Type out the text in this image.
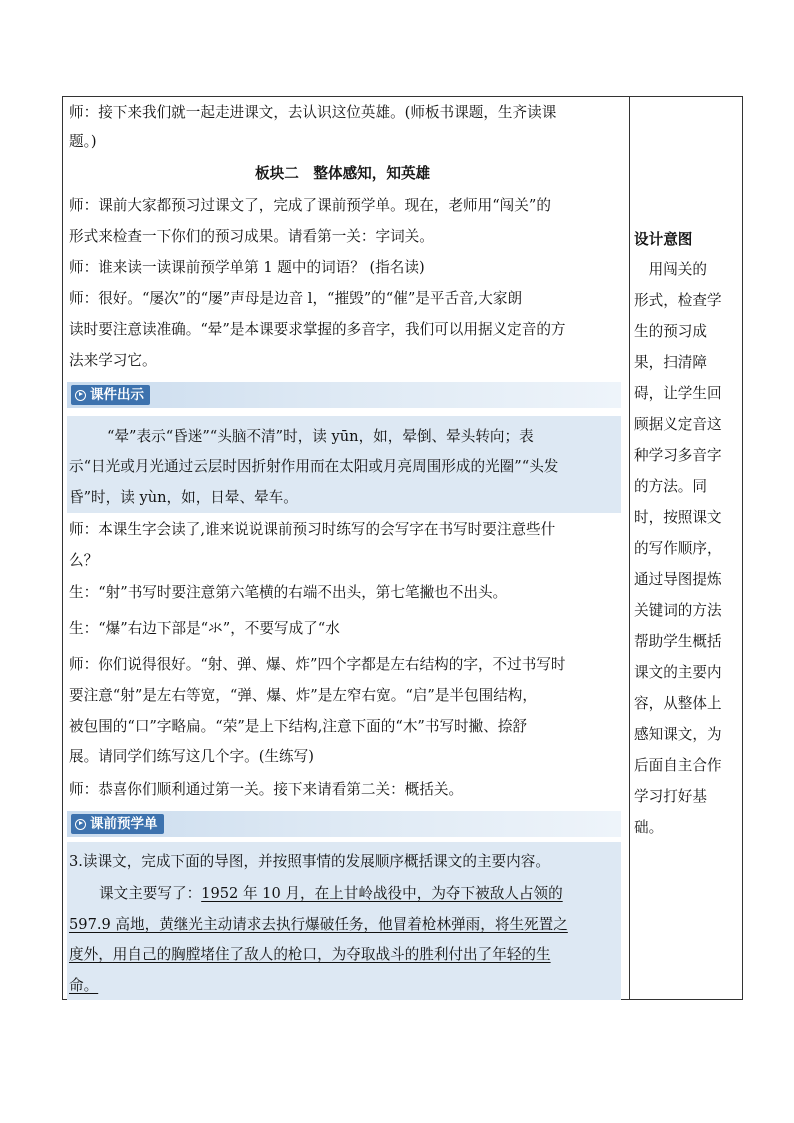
师：接下来我们就一起走进课文，去认识这位英雄。(师板书课题，生齐读课
题。)
板块二　整体感知，知英雄
师：课前大家都预习过课文了，完成了课前预学单。现在，老师用“闯关”的
形式来检查一下你们的预习成果。请看第一关：字词关。
师：谁来读一读课前预学单第 1 题中的词语？ (指名读)
师：很好。“屡次”的“屡”声母是边音 l，“摧毁”的“催”是平舌音,大家朗
读时要注意读准确。“晕”是本课要求掌握的多音字，我们可以用据义定音的方
法来学习它。
课件出示
“晕”表示“昏迷”“头脑不清”时，读 yūn，如，晕倒、晕头转向；表
示“日光或月光通过云层时因折射作用而在太阳或月亮周围形成的光圈”“头发
昏”时，读 yùn，如，日晕、晕车。
师：本课生字会读了,谁来说说课前预习时练写的会写字在书写时要注意些什
么？
生：“射”书写时要注意第六笔横的右端不出头，第七笔撇也不出头。
生：“爆”右边下部是“氺”，不要写成了“水
师：你们说得很好。“射、弹、爆、炸”四个字都是左右结构的字，不过书写时
要注意“射”是左右等宽，“弹、爆、炸”是左窄右宽。“启”是半包围结构，
被包围的“口”字略扁。“荣”是上下结构,注意下面的“木”书写时撇、捺舒
展。请同学们练写这几个字。(生练写)
师：恭喜你们顺利通过第一关。接下来请看第二关：概括关。
课前预学单
3.读课文，完成下面的导图，并按照事情的发展顺序概括课文的主要内容。
课文主要写了：1952 年 10 月，在上甘岭战役中，为夺下被敌人占领的
597.9 高地，黄继光主动请求去执行爆破任务，他冒着枪林弹雨，将生死置之
度外，用自己的胸膛堵住了敌人的枪口，为夺取战斗的胜利付出了年轻的生
命。
设计意图
　用闯关的
形式，检查学
生的预习成
果，扫清障
碍，让学生回
顾据义定音这
种学习多音字
的方法。同
时，按照课文
的写作顺序，
通过导图提炼
关键词的方法
帮助学生概括
课文的主要内
容，从整体上
感知课文，为
后面自主合作
学习打好基
础。
